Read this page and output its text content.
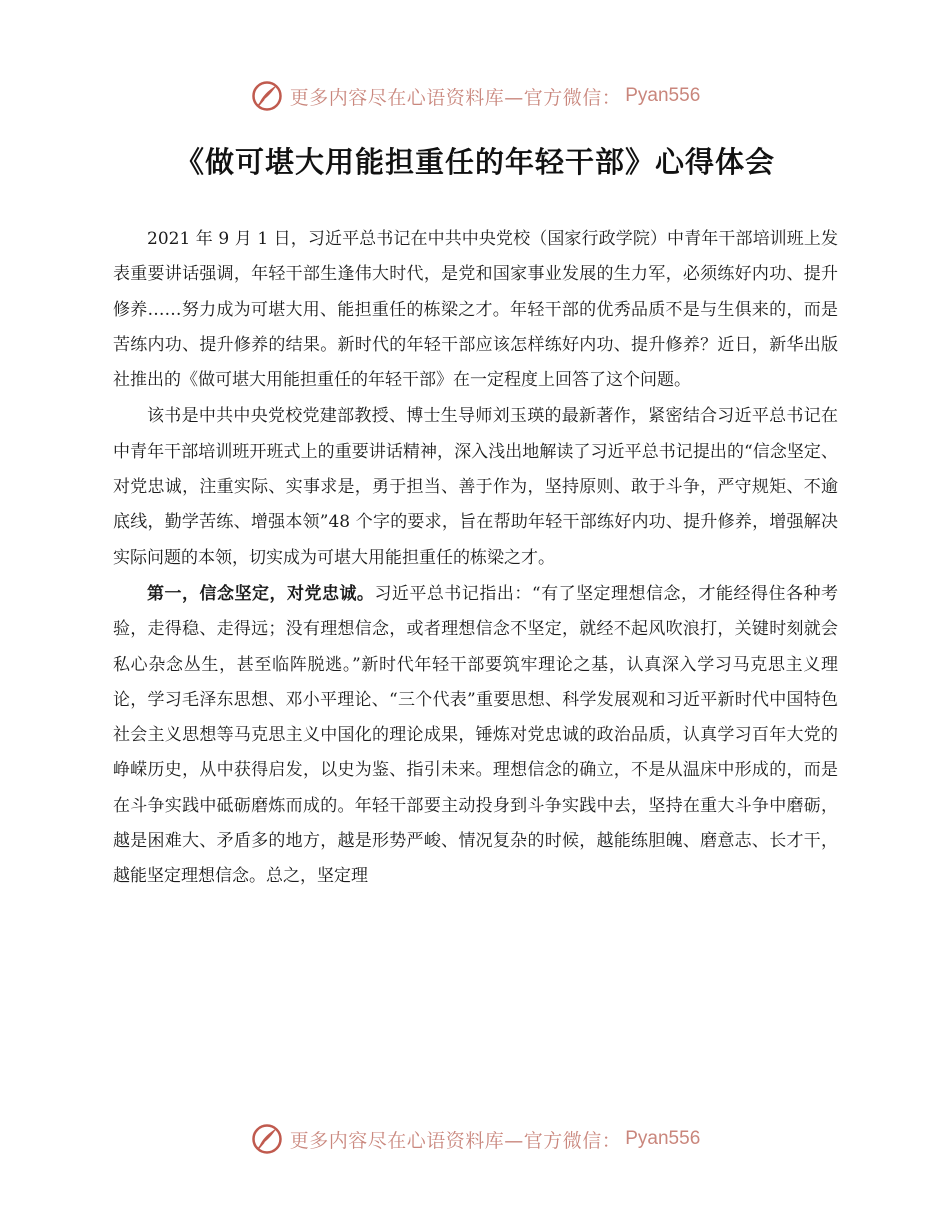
更多内容尽在心语资料库—官方微信： Pyan556
《做可堪大用能担重任的年轻干部》心得体会

2021 年 9 月 1 日，习近平总书记在中共中央党校（国家行政学院）中青年干部培训班上发表重要讲话强调，年轻干部生逢伟大时代，是党和国家事业发展的生力军，必须练好内功、提升修养……努力成为可堪大用、能担重任的栋梁之才。年轻干部的优秀品质不是与生俱来的，而是苦练内功、提升修养的结果。新时代的年轻干部应该怎样练好内功、提升修养？近日，新华出版社推出的《做可堪大用能担重任的年轻干部》在一定程度上回答了这个问题。

该书是中共中央党校党建部教授、博士生导师刘玉瑛的最新著作，紧密结合习近平总书记在中青年干部培训班开班式上的重要讲话精神，深入浅出地解读了习近平总书记提出的“信念坚定、对党忠诚，注重实际、实事求是，勇于担当、善于作为，坚持原则、敢于斗争，严守规矩、不逾底线，勤学苦练、增强本领”48 个字的要求，旨在帮助年轻干部练好内功、提升修养，增强解决实际问题的本领，切实成为可堪大用能担重任的栋梁之才。

第一，信念坚定，对党忠诚。习近平总书记指出：“有了坚定理想信念，才能经得住各种考验，走得稳、走得远；没有理想信念，或者理想信念不坚定，就经不起风吹浪打，关键时刻就会私心杂念丛生，甚至临阵脱逃。”新时代年轻干部要筑牢理论之基，认真深入学习马克思主义理论，学习毛泽东思想、邓小平理论、“三个代表”重要思想、科学发展观和习近平新时代中国特色社会主义思想等马克思主义中国化的理论成果，锤炼对党忠诚的政治品质，认真学习百年大党的峥嵘历史，从中获得启发，以史为鉴、指引未来。理想信念的确立，不是从温床中形成的，而是在斗争实践中砥砺磨炼而成的。年轻干部要主动投身到斗争实践中去，坚持在重大斗争中磨砺，越是困难大、矛盾多的地方，越是形势严峻、情况复杂的时候，越能练胆魄、磨意志、长才干，越能坚定理想信念。总之，坚定理

更多内容尽在心语资料库—官方微信： Pyan556
